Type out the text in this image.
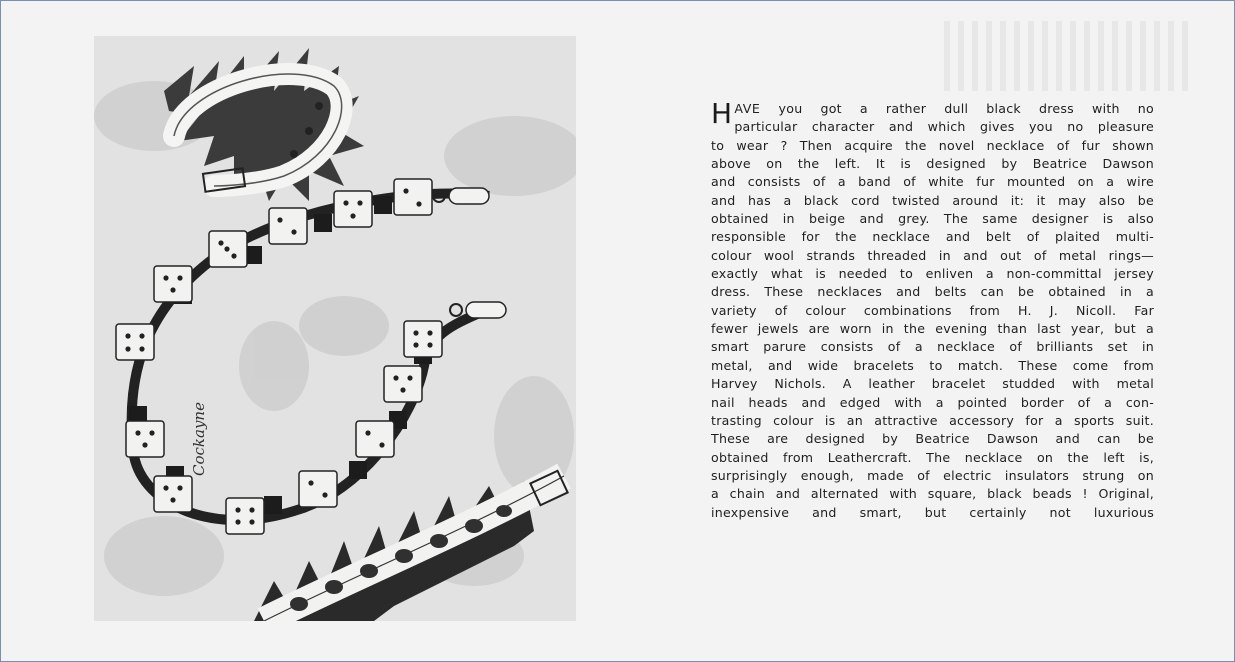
Cockayne

H AVE you got a rather dull black dress with no
particular character and which gives you no pleasure
to wear ? Then acquire the novel necklace of fur shown
above on the left. It is designed by Beatrice Dawson
and consists of a band of white fur mounted on a wire
and has a black cord twisted around it: it may also be
obtained in beige and grey. The same designer is also
responsible for the necklace and belt of plaited multi-
colour wool strands threaded in and out of metal rings—
exactly what is needed to enliven a non-committal jersey
dress. These necklaces and belts can be obtained in a
variety of colour combinations from H. J. Nicoll. Far
fewer jewels are worn in the evening than last year, but a
smart parure consists of a necklace of brilliants set in
metal, and wide bracelets to match. These come from
Harvey Nichols. A leather bracelet studded with metal
nail heads and edged with a pointed border of a con-
trasting colour is an attractive accessory for a sports suit.
These are designed by Beatrice Dawson and can be
obtained from Leathercraft. The necklace on the left is,
surprisingly enough, made of electric insulators strung on
a chain and alternated with square, black beads ! Original,
inexpensive and smart, but certainly not luxurious
